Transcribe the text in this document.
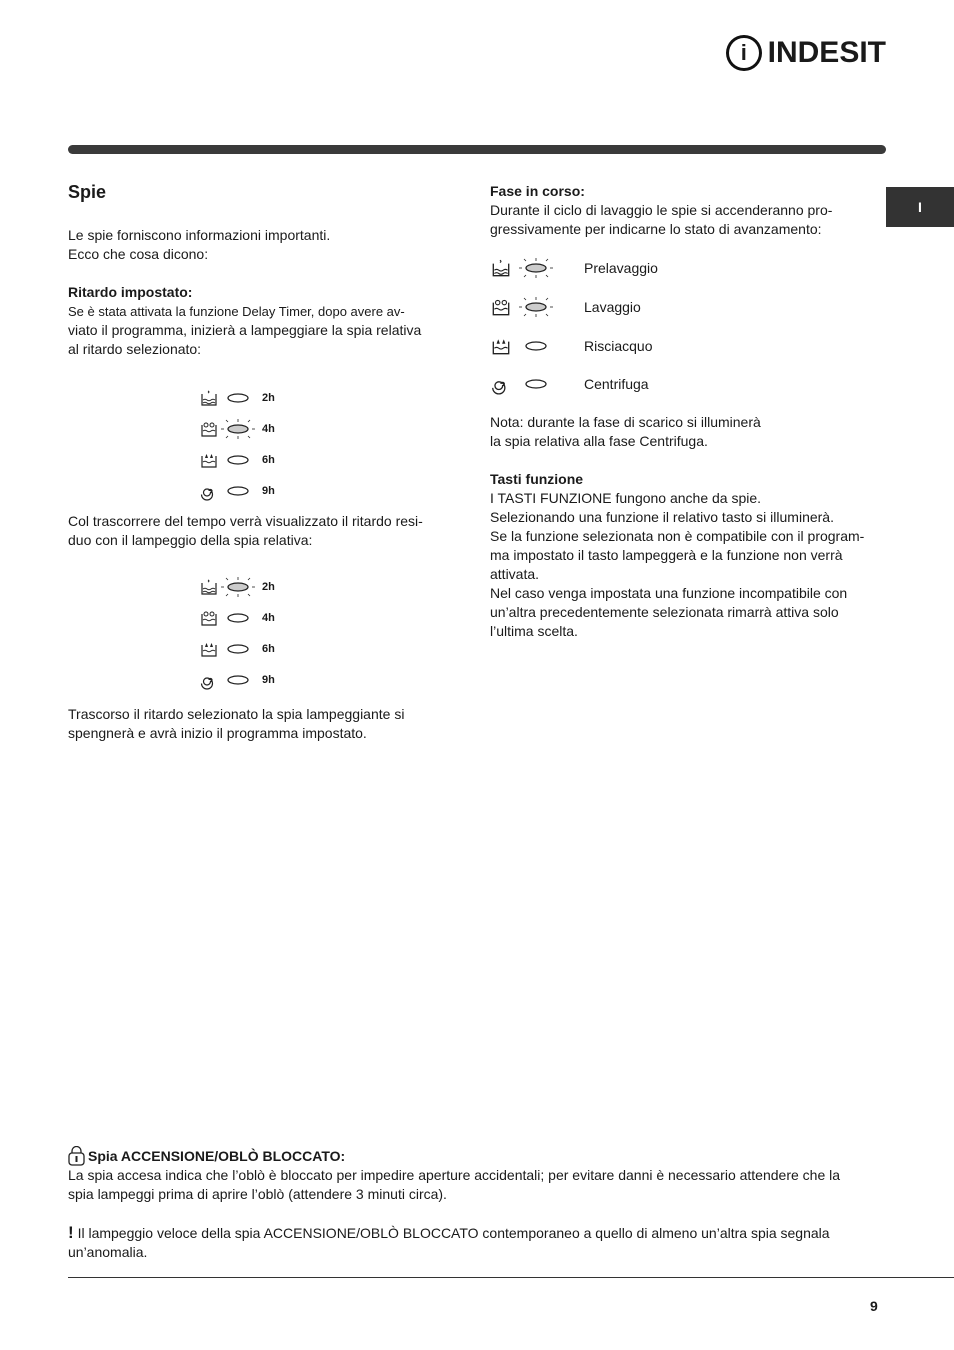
i INDESIT
I
Spie

Le spie forniscono informazioni importanti.

Ecco che cosa dicono:

Ritardo impostato:

Se è stata attivata la funzione Delay Timer, dopo avere av-

viato il programma, inizierà a lampeggiare la spia relativa

al ritardo selezionato:

2h
4h
6h
9h

Col trascorrere del tempo verrà visualizzato il ritardo resi-

duo con il lampeggio della spia relativa:

2h
4h
6h
9h

Trascorso il ritardo selezionato la spia lampeggiante si

spengnerà e avrà inizio il programma impostato.

Fase in corso:

Durante il ciclo di lavaggio le spie si accenderanno pro-

gressivamente per indicarne lo stato di avanzamento:

Prelavaggio
Lavaggio
Risciacquo
Centrifuga

Nota: durante la fase di scarico si illuminerà

la spia relativa alla fase Centrifuga.

Tasti funzione

I TASTI FUNZIONE fungono anche da spie.

Selezionando una funzione il relativo tasto si illuminerà.

Se la funzione selezionata non è compatibile con il program-

ma impostato il tasto lampeggerà e la funzione non verrà

attivata.

Nel caso venga impostata una funzione incompatibile con

un’altra precedentemente selezionata rimarrà attiva solo

l’ultima scelta.

Spia ACCENSIONE/OBLÒ BLOCCATO:

La spia accesa indica che l’oblò è bloccato per impedire aperture accidentali; per evitare danni è necessario attendere che la

spia lampeggi prima di aprire l’oblò (attendere 3 minuti circa).

! Il lampeggio veloce della spia ACCENSIONE/OBLÒ BLOCCATO contemporaneo a quello di almeno un’altra spia segnala

un’anomalia.

9
